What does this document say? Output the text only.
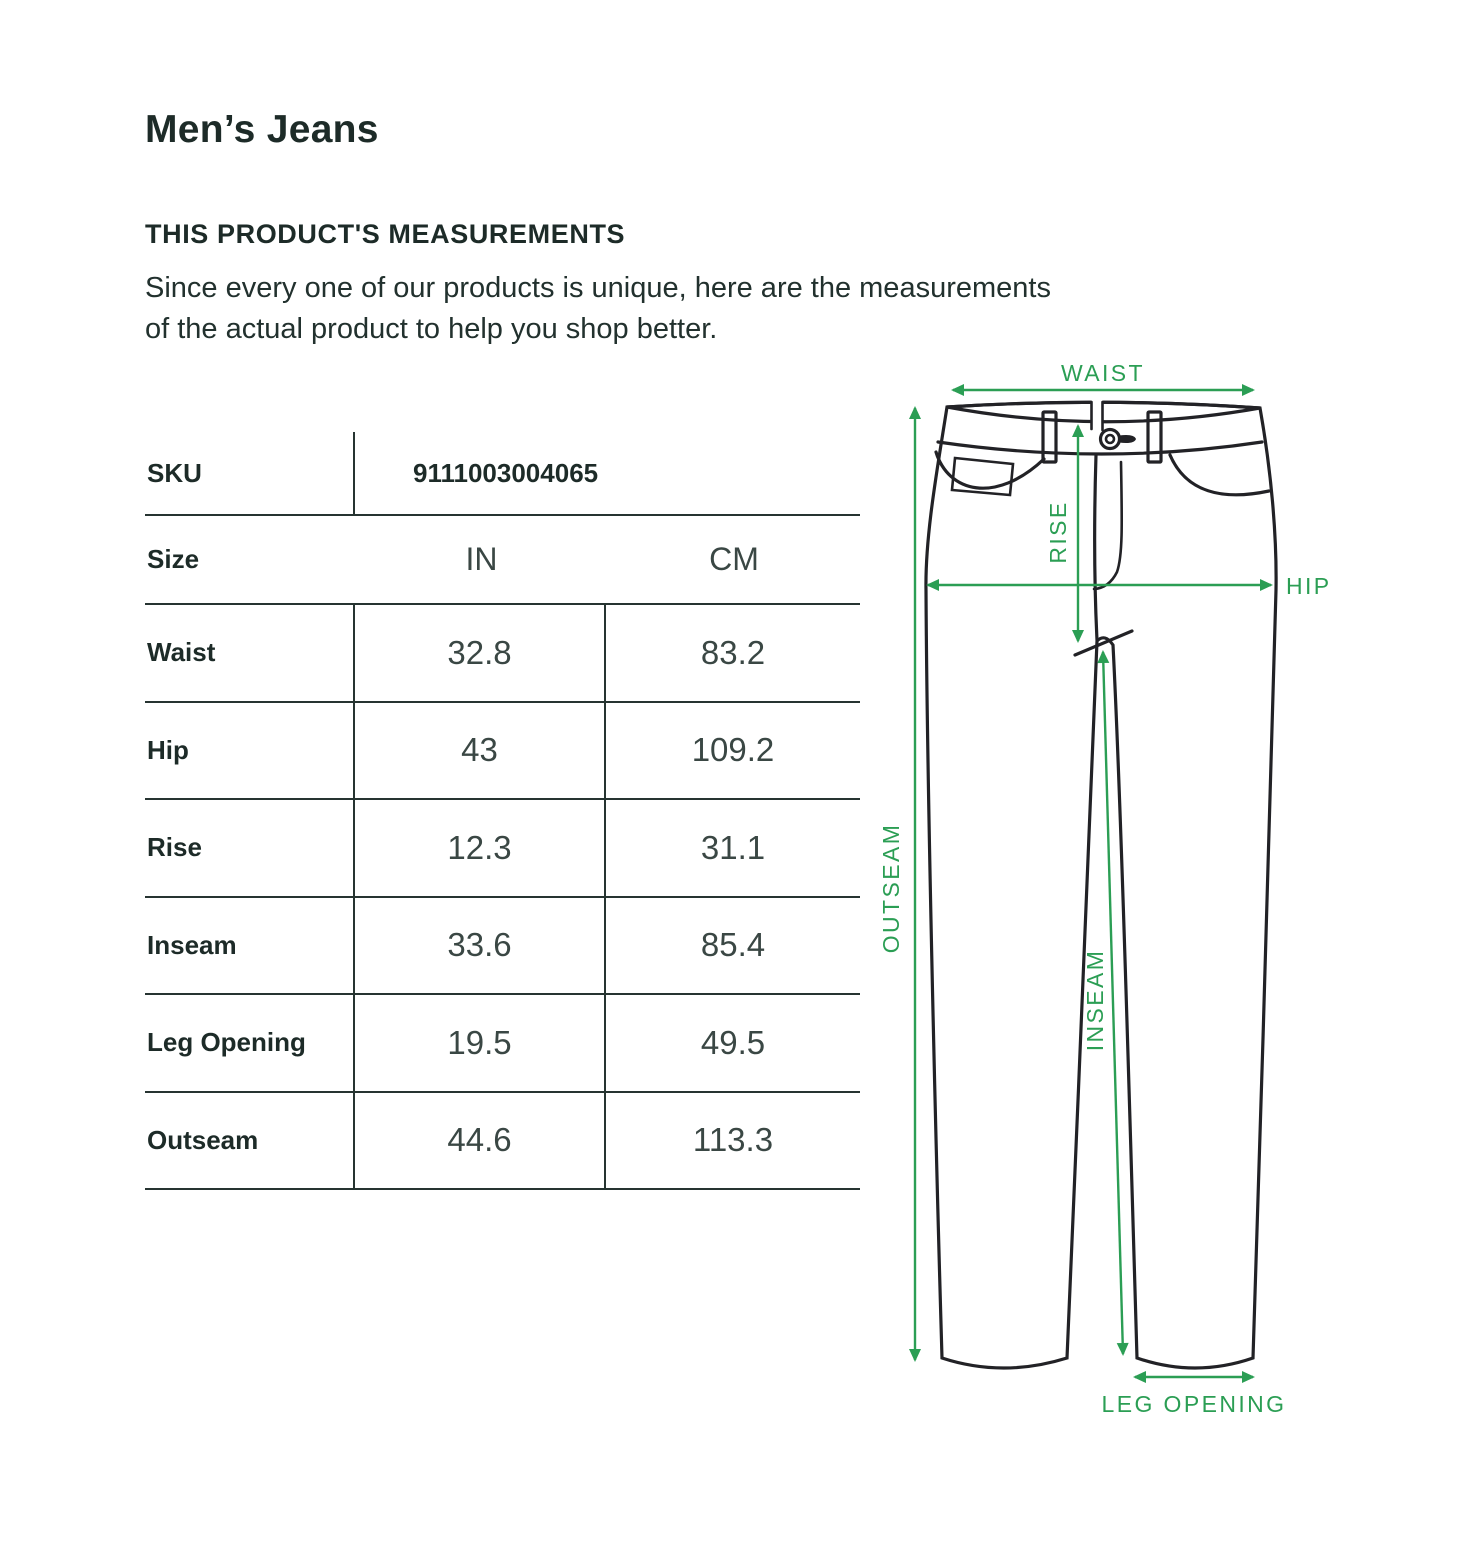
Men’s Jeans
THIS PRODUCT'S MEASUREMENTS

Since every one of our products is unique, here are the measurements
of the actual product to help you shop better.

SKU	9111003004065
Size	IN	CM
Waist	32.8	83.2
Hip	43	109.2
Rise	12.3	31.1
Inseam	33.6	85.4
Leg Opening	19.5	49.5
Outseam	44.6	113.3
WAIST
HIP
RISE
OUTSEAM
INSEAM
LEG OPENING
